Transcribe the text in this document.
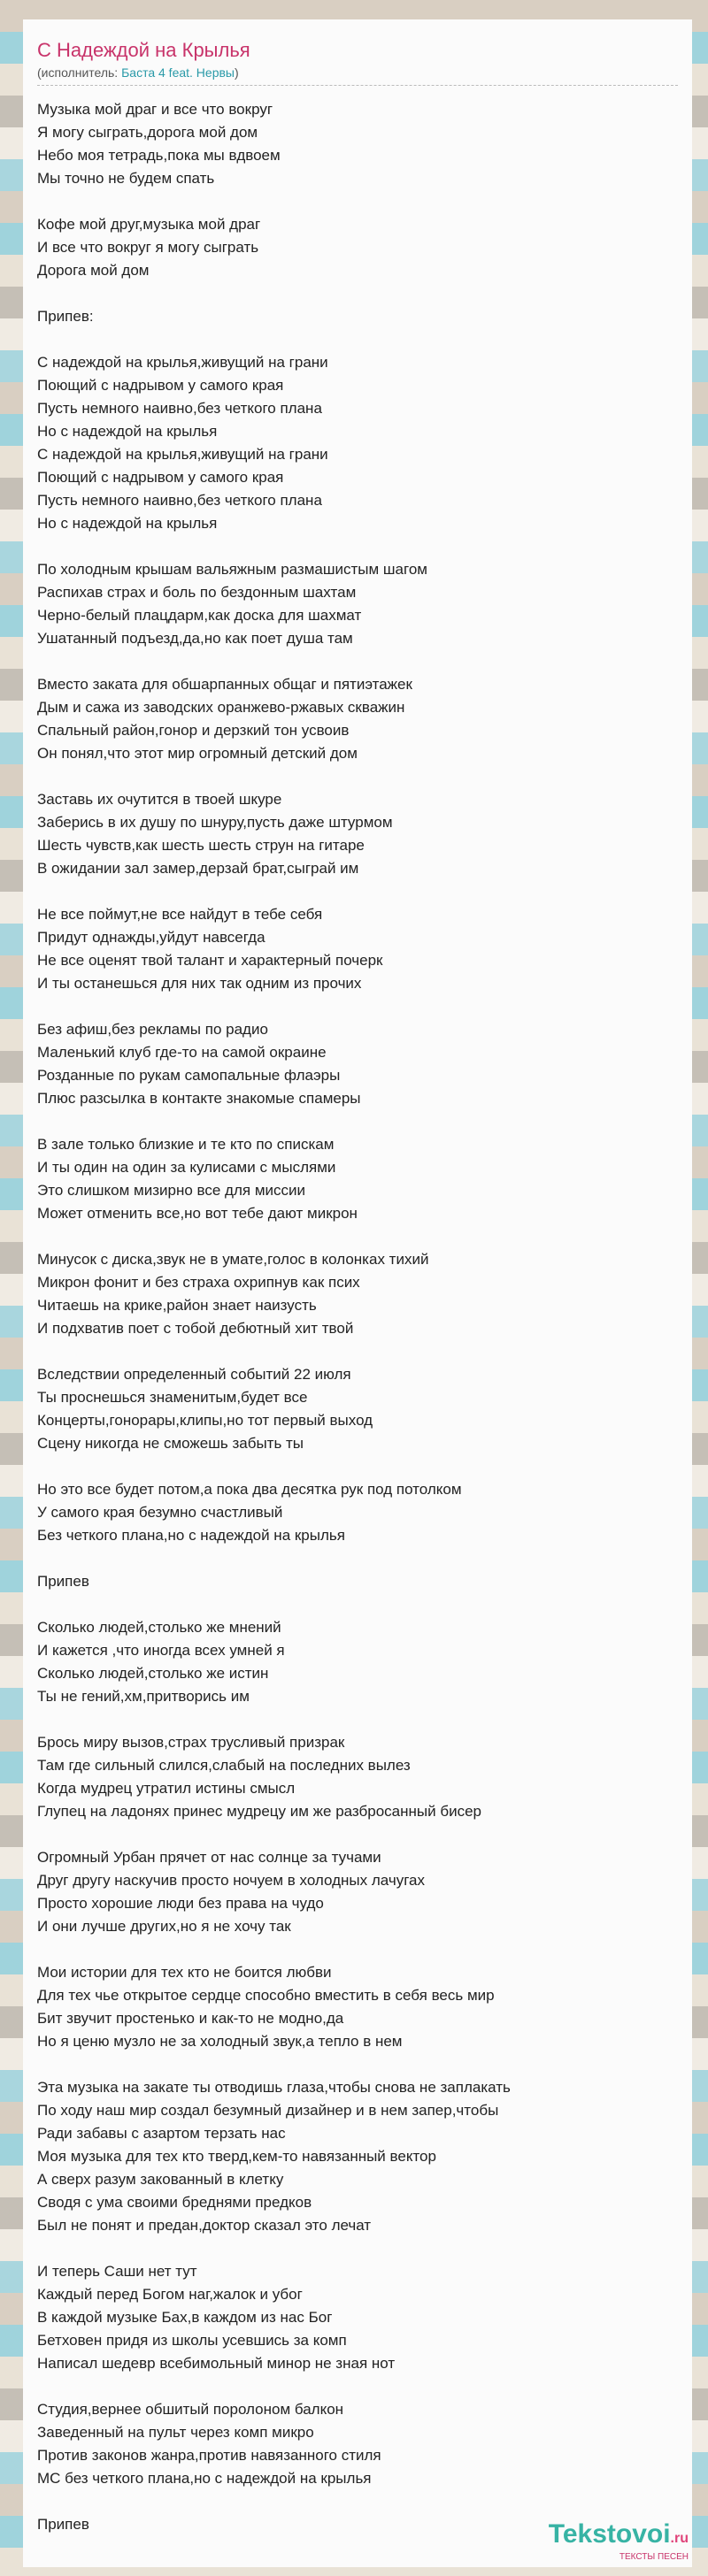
С Надеждой на Крылья
(исполнитель: Баста 4 feat. Нервы)
Музыка мой драг и все что вокруг
Я могу сыграть,дорога мой дом
Небо моя тетрадь,пока мы вдвоем
Мы точно не будем спать
Кофе мой друг,музыка мой драг
И все что вокруг я могу сыграть
Дорога мой дом
Припев:
С надеждой на крылья,живущий на грани
Поющий с надрывом у самого края
Пусть немного наивно,без четкого плана
Но с надеждой на крылья
С надеждой на крылья,живущий на грани
Поющий с надрывом у самого края
Пусть немного наивно,без четкого плана
Но с надеждой на крылья
По холодным крышам вальяжным размашистым шагом
Распихав страх и боль по бездонным шахтам
Черно-белый плацдарм,как доска для шахмат
Ушатанный подъезд,да,но как поет душа там
Вместо заката для обшарпанных общаг и пятиэтажек
Дым и сажа из заводских оранжево-ржавых скважин
Спальный район,гонор и дерзкий тон усвоив
Он понял,что этот мир огромный детский дом
Заставь их очутится в твоей шкуре
Заберись в их душу по шнуру,пусть даже штурмом
Шесть чувств,как шесть шесть струн на гитаре
В ожидании зал замер,дерзай брат,сыграй им
Не все поймут,не все найдут в тебе себя
Придут однажды,уйдут навсегда
Не все оценят твой талант и характерный почерк
И ты останешься для них так одним из прочих
Без афиш,без рекламы по радио
Маленький клуб где-то на самой окраине
Розданные по рукам самопальные флаэры
Плюс разсылка в контакте знакомые спамеры
В зале только близкие и те кто по спискам
И ты один на один за кулисами с мыслями
Это слишком мизирно все для миссии
Может отменить все,но вот тебе дают микрон
Минусок с диска,звук не в умате,голос в колонках тихий
Микрон фонит и без страха охрипнув как псих
Читаешь на крике,район знает наизусть
И подхватив поет с тобой дебютный хит твой
Вследствии определенный событий 22 июля
Ты проснешься знаменитым,будет все
Концерты,гонорары,клипы,но тот первый выход
Сцену никогда не сможешь забыть ты
Но это все будет потом,а пока два десятка рук под потолком
У самого края безумно счастливый
Без четкого плана,но с надеждой на крылья
Припев
Сколько людей,столько же мнений
И кажется ,что иногда всех умней я
Сколько людей,столько же истин
Ты не гений,хм,притворись им
Брось миру вызов,страх трусливый призрак
Там где сильный слился,слабый на последних вылез
Когда мудрец утратил истины смысл
Глупец на ладонях принес мудрецу им же разбросанный бисер
Огромный Урбан прячет от нас солнце за тучами
Друг другу наскучив просто ночуем в холодных лачугах
Просто хорошие люди без права на чудо
И они лучше других,но я не хочу так
Мои истории для тех кто не боится любви
Для тех чье открытое сердце способно вместить в себя весь мир
Бит звучит простенько и как-то не модно,да
Но я ценю музло не за холодный звук,а тепло в нем
Эта музыка на закате ты отводишь глаза,чтобы снова не заплакать
По ходу наш мир создал безумный дизайнер и в нем запер,чтобы
Ради забавы с азартом терзать нас
Моя музыка для тех кто тверд,кем-то навязанный вектор
А сверх разум закованный в клетку
Сводя с ума своими бреднями предков
Был не понят и предан,доктор сказал это лечат
И теперь Саши нет тут
Каждый перед Богом наг,жалок и убог
В каждой музыке Бах,в каждом из нас Бог
Бетховен придя из школы усевшись за комп
Написал шедевр всебимольный минор не зная нот
Студия,вернее обшитый поролоном балкон
Заведенный на пульт через комп микро
Против законов жанра,против навязанного стиля
МС без четкого плана,но с надеждой на крылья
Припев	Tekstovoi.ru
ТЕКСТЫ ПЕСЕН
